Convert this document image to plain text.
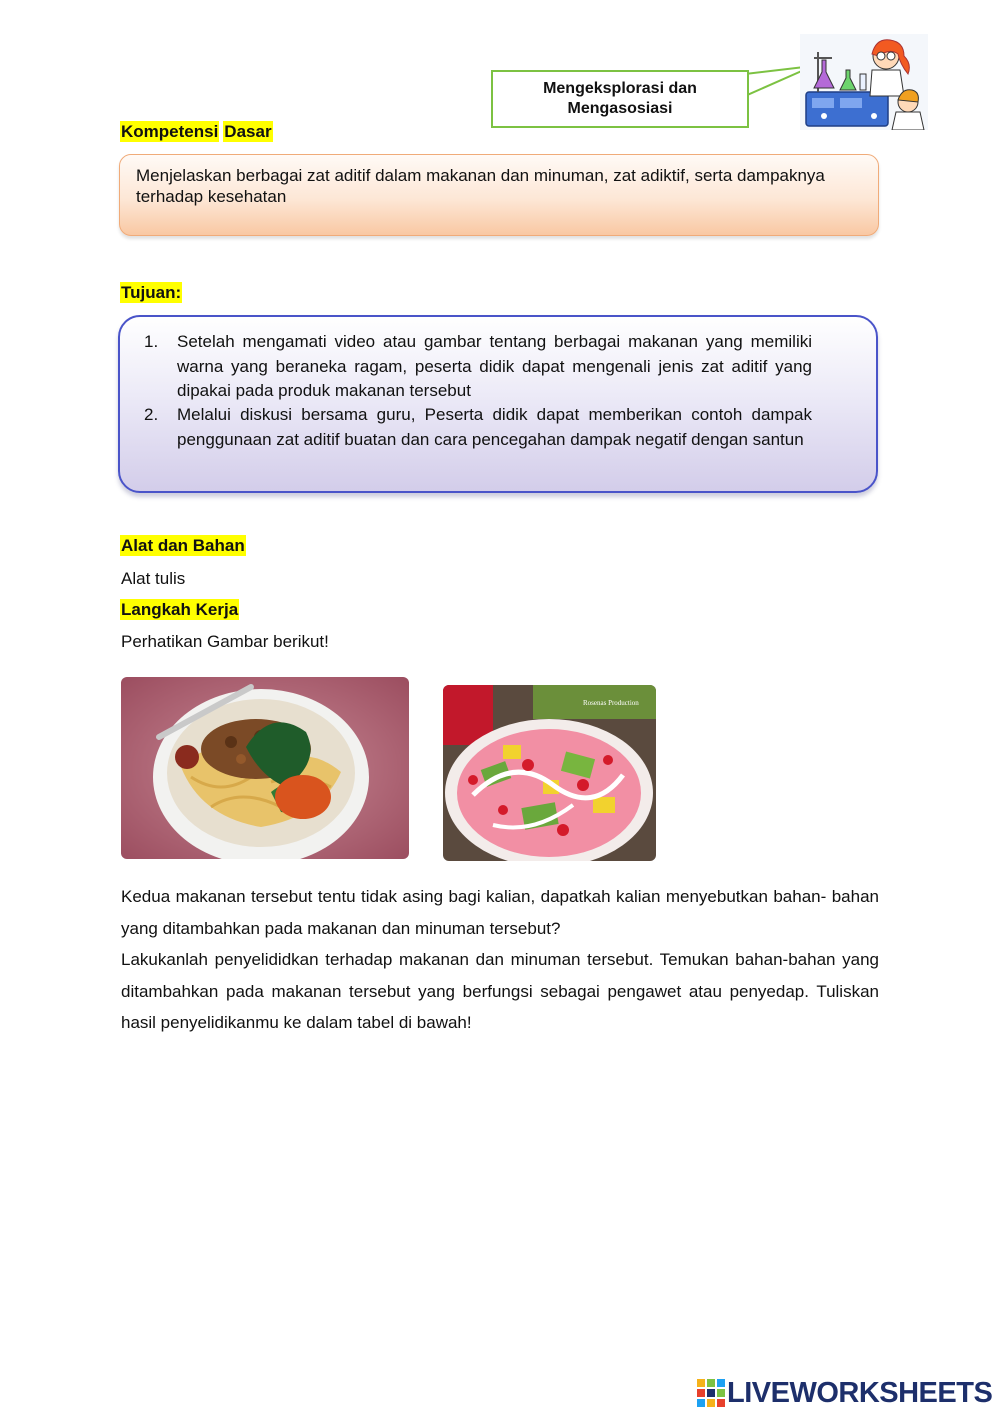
Mengeksplorasi dan
Mengasosiasi
Kompetensi Dasar
Menjelaskan berbagai zat aditif dalam makanan dan minuman, zat adiktif, serta dampaknya terhadap kesehatan
Tujuan:
1. Setelah mengamati video atau gambar tentang berbagai makanan yang memiliki warna yang beraneka ragam, peserta didik dapat mengenali jenis zat aditif yang dipakai pada produk makanan tersebut
2. Melalui diskusi bersama guru, Peserta didik dapat memberikan contoh dampak penggunaan zat aditif buatan dan cara pencegahan dampak negatif dengan santun
Alat dan Bahan
Alat tulis
Langkah Kerja
Perhatikan Gambar berikut!
Rosenas Production
Kedua makanan tersebut tentu tidak asing bagi kalian, dapatkah kalian menyebutkan bahan- bahan yang ditambahkan pada makanan dan minuman tersebut?
Lakukanlah penyelididkan terhadap makanan dan minuman tersebut. Temukan bahan-bahan yang ditambahkan pada makanan tersebut yang berfungsi sebagai pengawet atau penyedap. Tuliskan hasil penyelidikanmu ke dalam tabel di bawah!
LIVEWORKSHEETS
